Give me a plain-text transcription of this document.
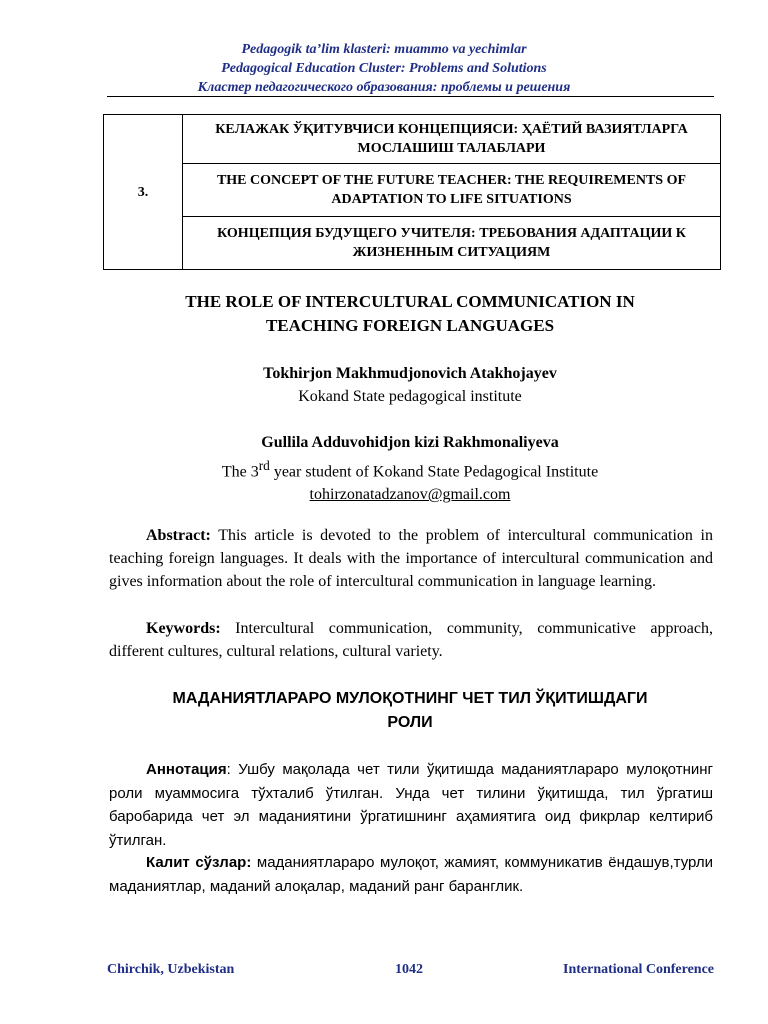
Pedagogik ta’lim klasteri: muammo va yechimlar
Pedagogical Education Cluster: Problems and Solutions
Кластер педагогического образования: проблемы и решения
3.	КЕЛАЖАК ЎҚИТУВЧИСИ КОНЦЕПЦИЯСИ: ҲАЁТИЙ ВАЗИЯТЛАРГА МОСЛАШИШ ТАЛАБЛАРИ
THE CONCEPT OF THE FUTURE TEACHER: THE REQUIREMENTS OF ADAPTATION TO LIFE SITUATIONS
КОНЦЕПЦИЯ БУДУЩЕГО УЧИТЕЛЯ: ТРЕБОВАНИЯ АДАПТАЦИИ К ЖИЗНЕННЫМ СИТУАЦИЯМ
THE ROLE OF INTERCULTURAL COMMUNICATION IN
TEACHING FOREIGN LANGUAGES
Tokhirjon Makhmudjonovich Atakhojayev
Kokand State pedagogical institute
Gullila Adduvohidjon kizi Rakhmonaliyeva
The 3rd year student of Kokand State Pedagogical Institute
tohirzonatadzanov@gmail.com
Abstract: This article is devoted to the problem of intercultural communication in teaching foreign languages. It deals with the importance of intercultural communication and gives information about the role of intercultural communication in language learning.
Keywords: Intercultural communication, community, communicative approach, different cultures, cultural relations, cultural variety.
МАДАНИЯТЛАРАРО МУЛОҚОТНИНГ ЧЕТ ТИЛ ЎҚИТИШДАГИ
РОЛИ
Аннотация: Ушбу мақолада чет тили ўқитишда маданиятлараро мулоқотнинг роли муаммосига тўхталиб ўтилган. Унда чет тилини ўқитишда, тил ўргатиш баробарида чет эл маданиятини ўргатишнинг аҳамиятига оид фикрлар келтириб ўтилган.
Калит сўзлар: маданиятлараро мулоқот, жамият, коммуникатив ёндашув,турли маданиятлар, маданий алоқалар, маданий ранг баранглик.
Chirchik, Uzbekistan	1042	International Conference
